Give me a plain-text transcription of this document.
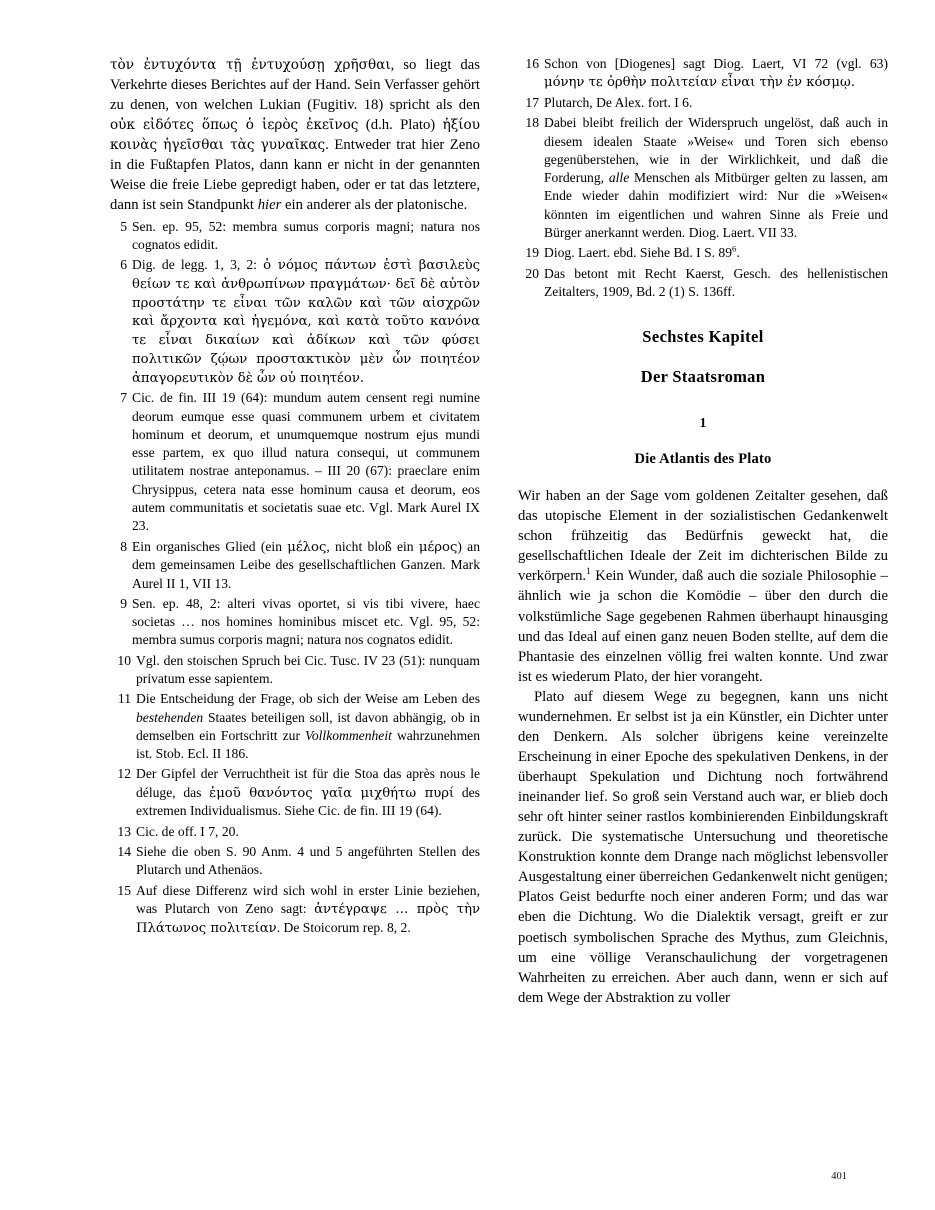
τὸν ἐντυχόντα τῇ ἐντυχούσῃ χρῆσθαι, so liegt das Verkehrte dieses Berichtes auf der Hand. Sein Verfasser gehört zu denen, von welchen Lukian (Fugitiv. 18) spricht als den οὐκ εἰδότες ὅπως ὁ ἱερὸς ἐκεῖνος (d.h. Plato) ἠξίου κοινὰς ἡγεῖσθαι τὰς γυναῖκας. Entweder trat hier Zeno in die Fußtapfen Platos, dann kann er nicht in der genannten Weise die freie Liebe gepredigt haben, oder er tat das letztere, dann ist sein Standpunkt hier ein anderer als der platonische.

5 Sen. ep. 95, 52: membra sumus corporis magni; natura nos cognatos edidit.
6 Dig. de legg. 1, 3, 2: ὁ νόμος πάντων ἐστὶ βασιλεὺς θείων τε καὶ ἀνθρωπίνων πραγμάτων· δεῖ δὲ αὐτὸν προστάτην τε εἶναι τῶν καλῶν καὶ τῶν αἰσχρῶν καὶ ἄρχοντα καὶ ἡγεμόνα, καὶ κατὰ τοῦτο κανόνα τε εἶναι δικαίων καὶ ἀδίκων καὶ τῶν φύσει πολιτικῶν ζῴων προστακτικὸν μὲν ὧν ποιητέον ἀπαγορευτικὸν δὲ ὧν οὐ ποιητέον.
7 Cic. de fin. III 19 (64): mundum autem censent regi numine deorum eumque esse quasi communem urbem et civitatem hominum et deorum, et unumquemque nostrum ejus mundi esse partem, ex quo illud natura consequi, ut communem utilitatem nostrae anteponamus. – III 20 (67): praeclare enim Chrysippus, cetera nata esse hominum causa et deorum, eos autem communitatis et societatis suae etc. Vgl. Mark Aurel IX 23.
8 Ein organisches Glied (ein μέλος, nicht bloß ein μέρος) an dem gemeinsamen Leibe des gesellschaftlichen Ganzen. Mark Aurel II 1, VII 13.
9 Sen. ep. 48, 2: alteri vivas oportet, si vis tibi vivere, haec societas … nos homines hominibus miscet etc. Vgl. 95, 52: membra sumus corporis magni; natura nos cognatos edidit.
10 Vgl. den stoischen Spruch bei Cic. Tusc. IV 23 (51): nunquam privatum esse sapientem.
11 Die Entscheidung der Frage, ob sich der Weise am Leben des bestehenden Staates beteiligen soll, ist davon abhängig, ob in demselben ein Fortschritt zur Vollkommenheit wahrzunehmen ist. Stob. Ecl. II 186.
12 Der Gipfel der Verruchtheit ist für die Stoa das après nous le déluge, das ἐμοῦ θανόντος γαῖα μιχθήτω πυρί des extremen Individualismus. Siehe Cic. de fin. III 19 (64).
13 Cic. de off. I 7, 20.
14 Siehe die oben S. 90 Anm. 4 und 5 angeführten Stellen des Plutarch und Athenäos.
15 Auf diese Differenz wird sich wohl in erster Linie beziehen, was Plutarch von Zeno sagt: ἀντέγραψε … πρὸς τὴν Πλάτωνος πολιτείαν. De Stoicorum rep. 8, 2.
16 Schon von [Diogenes] sagt Diog. Laert, VI 72 (vgl. 63) μόνην τε ὀρθὴν πολιτείαν εἶναι τὴν ἐν κόσμῳ.
17 Plutarch, De Alex. fort. I 6.
18 Dabei bleibt freilich der Widerspruch ungelöst, daß auch in diesem idealen Staate »Weise« und Toren sich ebenso gegenüberstehen, wie in der Wirklichkeit, und daß die Forderung, alle Menschen als Mitbürger gelten zu lassen, am Ende wieder dahin modifiziert wird: Nur die »Weisen« könnten im eigentlichen und wahren Sinne als Freie und Bürger anerkannt werden. Diog. Laert. VII 33.
19 Diog. Laert. ebd. Siehe Bd. I S. $89^6$.
20 Das betont mit Recht Kaerst, Gesch. des hellenistischen Zeitalters, 1909, Bd. 2 (1) S. 136ff.
Sechstes Kapitel
Der Staatsroman
1
Die Atlantis des Plato

Wir haben an der Sage vom goldenen Zeitalter gesehen, daß das utopische Element in der sozialistischen Gedankenwelt schon frühzeitig das Bedürfnis geweckt hat, die gesellschaftlichen Ideale der Zeit im dichterischen Bilde zu verkörpern.$^1$ Kein Wunder, daß auch die soziale Philosophie – ähnlich wie ja schon die Komödie – über den durch die volkstümliche Sage gegebenen Rahmen überhaupt hinausging und das Ideal auf einen ganz neuen Boden stellte, auf dem die Phantasie des einzelnen völlig frei walten konnte. Und zwar ist es wiederum Plato, der hier vorangeht.

Plato auf diesem Wege zu begegnen, kann uns nicht wundernehmen. Er selbst ist ja ein Künstler, ein Dichter unter den Denkern. Als solcher übrigens keine vereinzelte Erscheinung in einer Epoche des spekulativen Denkens, in der überhaupt Spekulation und Dichtung noch fortwährend ineinander lief. So groß sein Verstand auch war, er blieb doch sehr oft hinter seiner rastlos kombinierenden Einbildungskraft zurück. Die systematische Untersuchung und theoretische Konstruktion konnte dem Drange nach möglichst lebensvoller Ausgestaltung einer überreichen Gedankenwelt nicht genügen; Platos Geist bedurfte noch einer anderen Form; und das war eben die Dichtung. Wo die Dialektik versagt, greift er zur poetisch symbolischen Sprache des Mythus, zum Gleichnis, um eine völlige Veranschaulichung der vorgetragenen Wahrheiten zu erreichen. Aber auch dann, wenn er sich auf dem Wege der Abstraktion zu voller

401
